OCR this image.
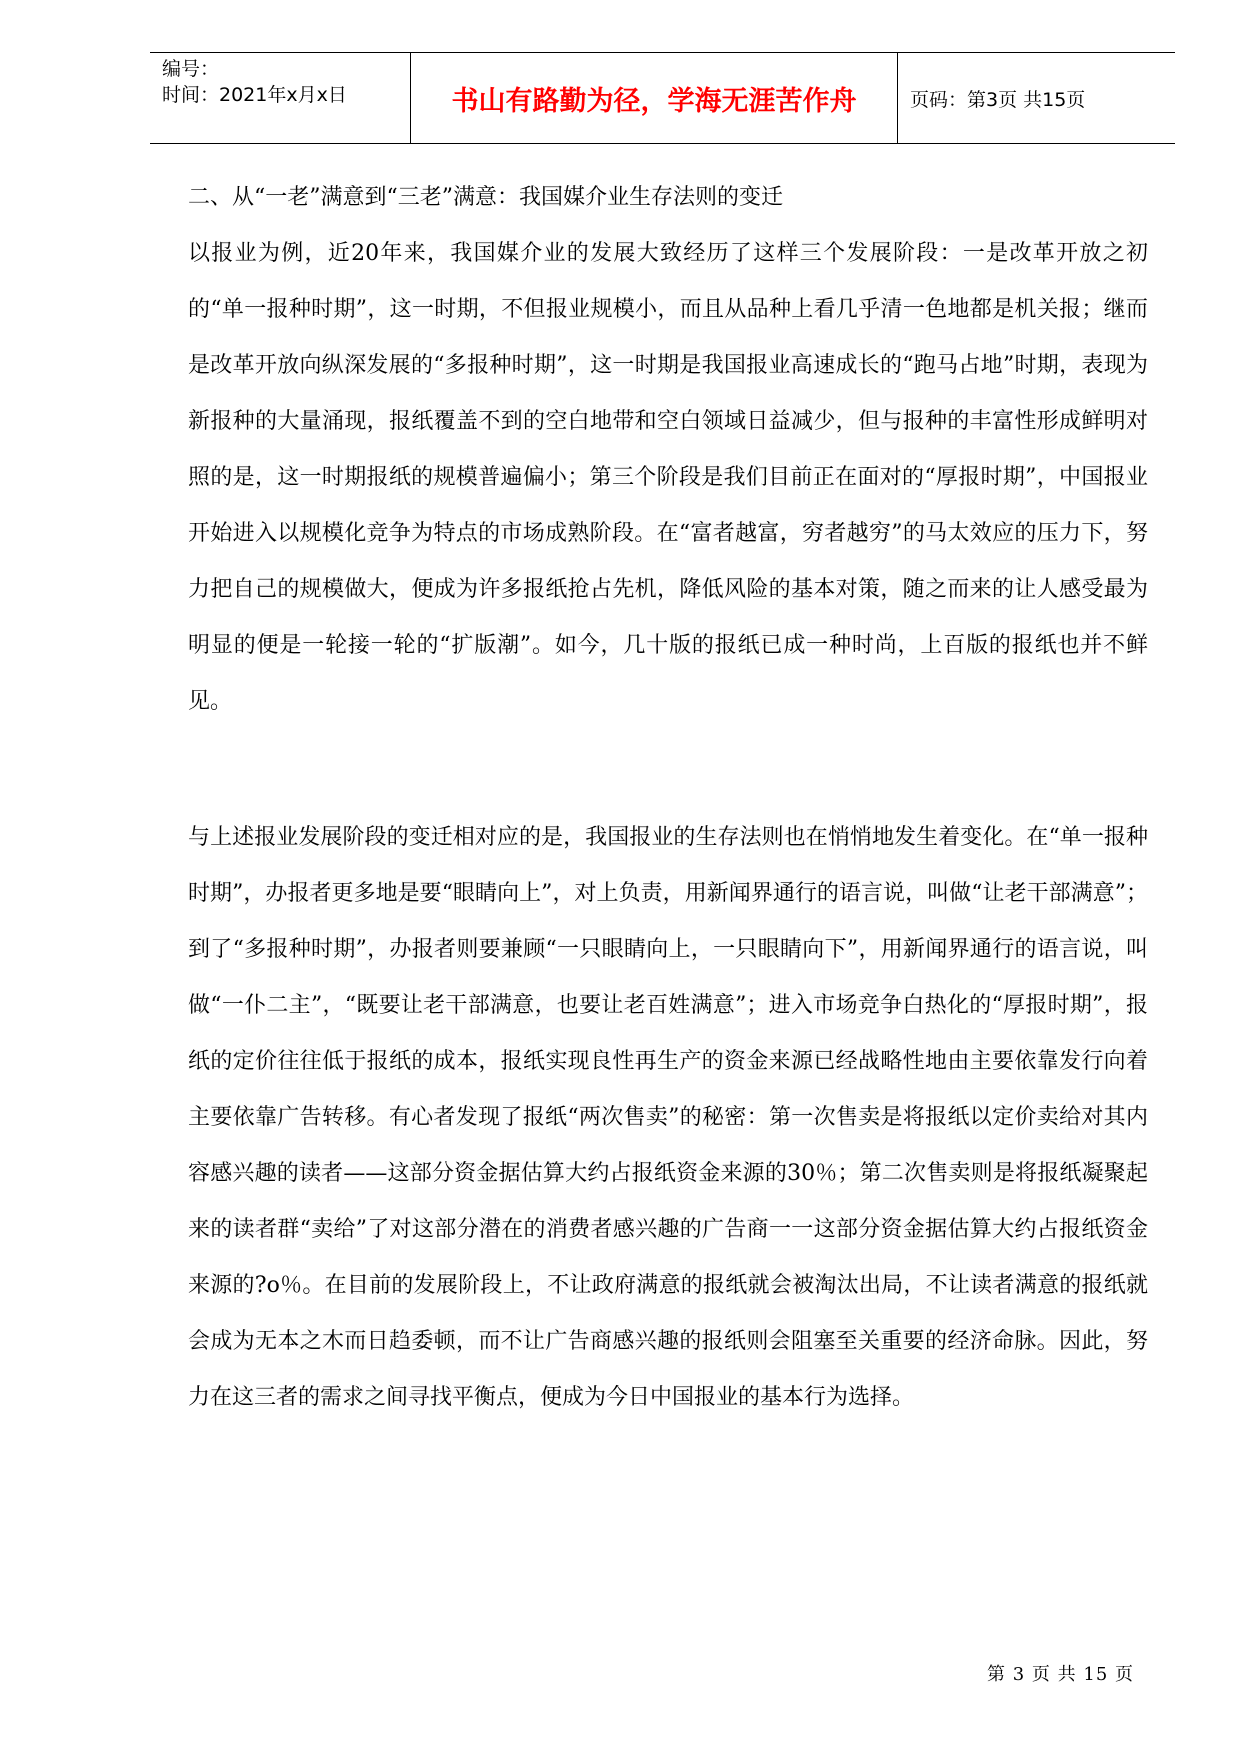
编号：
时间：2021年x月x日	书山有路勤为径，学海无涯苦作舟	页码：第3页 共15页

二、从“一老”满意到“三老”满意：我国媒介业生存法则的变迁

以报业为例，近20年来，我国媒介业的发展大致经历了这样三个发展阶段：一是改革开放之初的“单一报种时期”，这一时期，不但报业规模小，而且从品种上看几乎清一色地都是机关报；继而是改革开放向纵深发展的“多报种时期”，这一时期是我国报业高速成长的“跑马占地”时期，表现为新报种的大量涌现，报纸覆盖不到的空白地带和空白领域日益减少，但与报种的丰富性形成鲜明对照的是，这一时期报纸的规模普遍偏小；第三个阶段是我们目前正在面对的“厚报时期”，中国报业开始进入以规模化竞争为特点的市场成熟阶段。在“富者越富，穷者越穷”的马太效应的压力下，努力把自己的规模做大，便成为许多报纸抢占先机，降低风险的基本对策，随之而来的让人感受最为明显的便是一轮接一轮的“扩版潮”。如今，几十版的报纸已成一种时尚，上百版的报纸也并不鲜见。

与上述报业发展阶段的变迁相对应的是，我国报业的生存法则也在悄悄地发生着变化。在“单一报种时期”，办报者更多地是要“眼睛向上”，对上负责，用新闻界通行的语言说，叫做“让老干部满意”；到了“多报种时期”，办报者则要兼顾“一只眼睛向上，一只眼睛向下”，用新闻界通行的语言说，叫做“一仆二主”，“既要让老干部满意，也要让老百姓满意”；进入市场竞争白热化的“厚报时期”，报纸的定价往往低于报纸的成本，报纸实现良性再生产的资金来源已经战略性地由主要依靠发行向着主要依靠广告转移。有心者发现了报纸“两次售卖”的秘密：第一次售卖是将报纸以定价卖给对其内容感兴趣的读者——这部分资金据估算大约占报纸资金来源的30％；第二次售卖则是将报纸凝聚起来的读者群“卖给”了对这部分潜在的消费者感兴趣的广告商一一这部分资金据估算大约占报纸资金来源的?o％。在目前的发展阶段上，不让政府满意的报纸就会被淘汰出局，不让读者满意的报纸就会成为无本之木而日趋委顿，而不让广告商感兴趣的报纸则会阻塞至关重要的经济命脉。因此，努力在这三者的需求之间寻找平衡点，便成为今日中国报业的基本行为选择。

第 3 页 共 15 页
